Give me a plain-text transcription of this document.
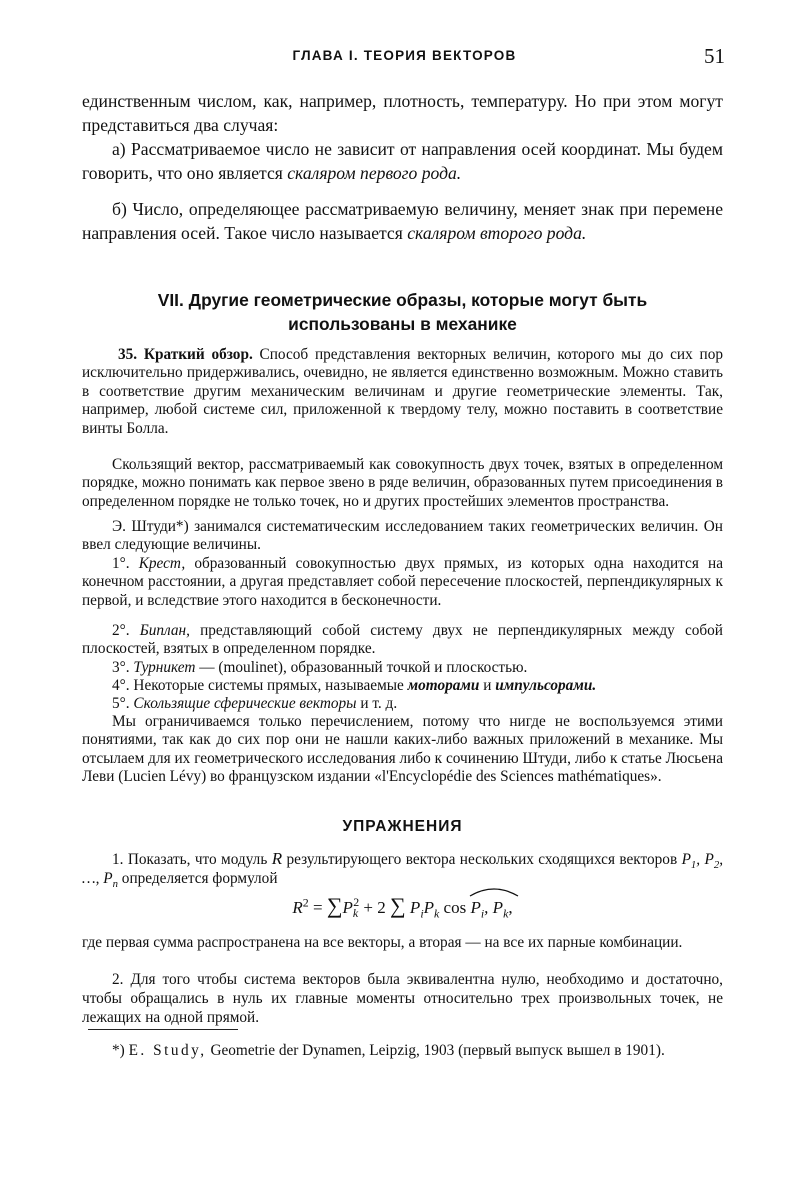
ГЛАВА I. ТЕОРИЯ ВЕКТОРОВ	51

единственным числом, как, например, плотность, температуру. Но при этом могут представиться два случая:

а) Рассматриваемое число не зависит от направления осей координат. Мы будем говорить, что оно является скаляром первого рода.

б) Число, определяющее рассматриваемую величину, меняет знак при перемене направления осей. Такое число называется скаляром второго рода.

VII. Другие геометрические образы, которые могут быть
использованы в механике

35. Краткий обзор. Способ представления векторных величин, которого мы до сих пор исключительно придерживались, очевидно, не является единственно возможным. Можно ставить в соответствие другим механическим величинам и другие геометрические элементы. Так, например, любой системе сил, приложенной к твердому телу, можно поставить в соответствие винты Болла.

Скользящий вектор, рассматриваемый как совокупность двух точек, взятых в определенном порядке, можно понимать как первое звено в ряде величин, образованных путем присоединения в определенном порядке не только точек, но и других простейших элементов пространства.

Э. Штуди*) занимался систематическим исследованием таких геометрических величин. Он ввел следующие величины.

1°. Крест, образованный совокупностью двух прямых, из которых одна находится на конечном расстоянии, а другая представляет собой пересечение плоскостей, перпендикулярных к первой, и вследствие этого находится в бесконечности.

2°. Биплан, представляющий собой систему двух не перпендикулярных между собой плоскостей, взятых в определенном порядке.

3°. Турникет — (moulinet), образованный точкой и плоскостью.

4°. Некоторые системы прямых, называемые моторами и импульсорами.

5°. Скользящие сферические векторы и т. д.

Мы ограничиваемся только перечислением, потому что нигде не воспользуемся этими понятиями, так как до сих пор они не нашли каких-либо важных приложений в механике. Мы отсылаем для их геометрического исследования либо к сочинению Штуди, либо к статье Люсьена Леви (Lucien Lévy) во французском издании «l'Encyclopédie des Sciences mathématiques».

УПРАЖНЕНИЯ

1. Показать, что модуль R результирующего вектора нескольких сходящихся векторов $P_1$, $P_2$, …, $P_n$ определяется формулой

$R^2 = \sum P_k^2 + 2$ ∑ $P_iP_k$ cos
$P_i$, $P_k$,

где первая сумма распространена на все векторы, а вторая — на все их парные комбинации.

2. Для того чтобы система векторов была эквивалентна нулю, необходимо и достаточно, чтобы обращались в нуль их главные моменты относительно трех произвольных точек, не лежащих на одной прямой.

*) E. Study, Geometrie der Dynamen, Leipzig, 1903 (первый выпуск вышел в 1901).
